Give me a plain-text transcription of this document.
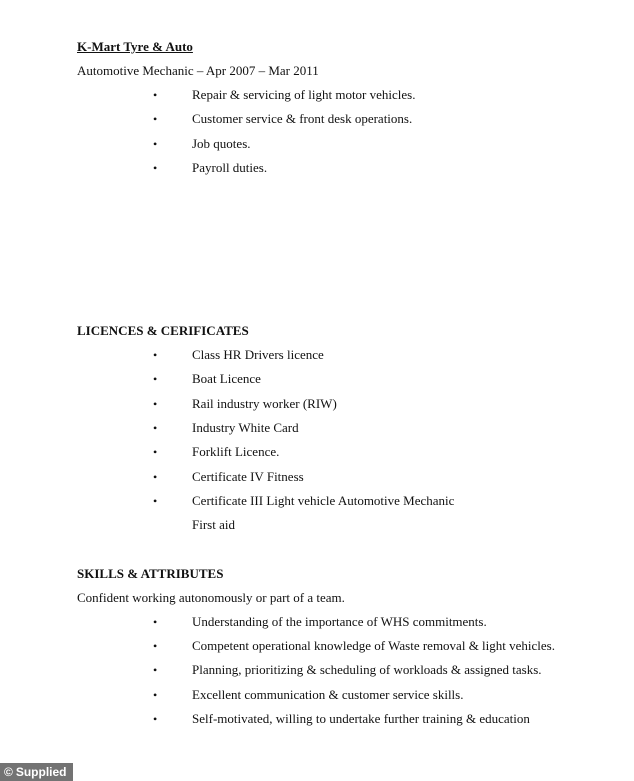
K-Mart Tyre & Auto
Automotive Mechanic – Apr 2007 – Mar 2011
•	Repair & servicing of light motor vehicles.
•	Customer service & front desk operations.
•	Job quotes.
•	Payroll duties.
LICENCES & CERIFICATES
•	Class HR Drivers licence
•	Boat Licence
•	Rail industry worker (RIW)
•	Industry White Card
•	Forklift Licence.
•	Certificate IV Fitness
•	Certificate III Light vehicle Automotive Mechanic
First aid
SKILLS & ATTRIBUTES
Confident working autonomously or part of a team.
•	Understanding of the importance of WHS commitments.
•	Competent operational knowledge of Waste removal & light vehicles.
•	Planning, prioritizing & scheduling of workloads & assigned tasks.
•	Excellent communication & customer service skills.
•	Self-motivated, willing to undertake further training & education
© Supplied
